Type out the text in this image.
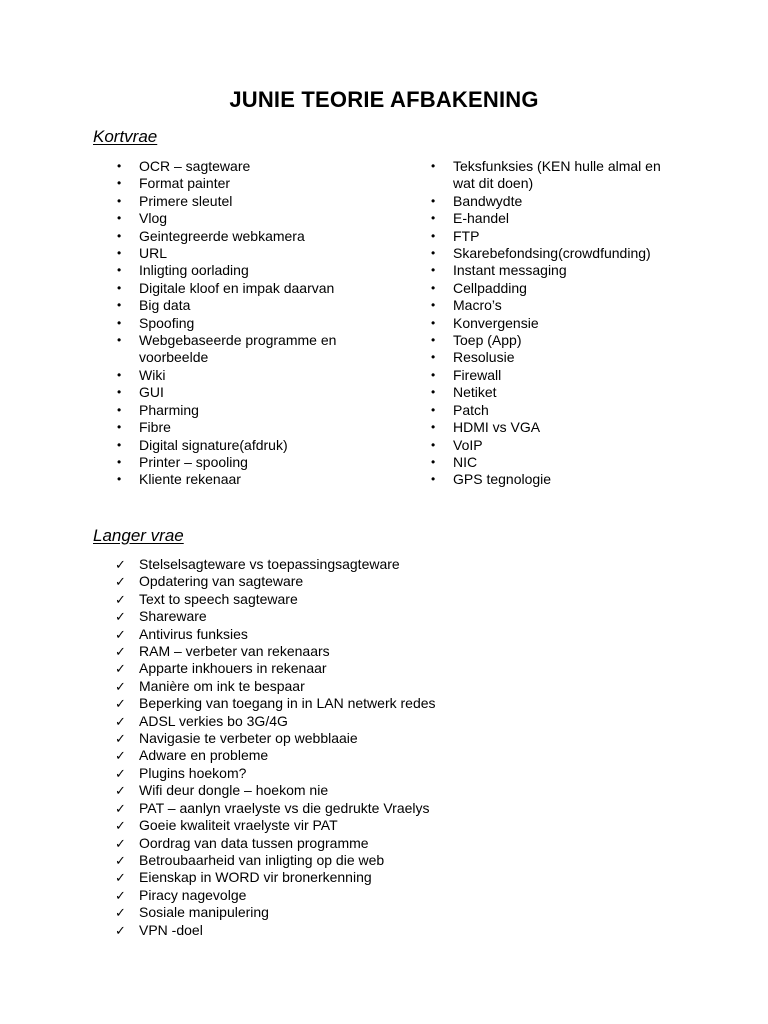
JUNIE TEORIE AFBAKENING
Kortvrae
• OCR – sagteware
• Format painter
• Primere sleutel
• Vlog
• Geintegreerde webkamera
• URL
• Inligting oorlading
• Digitale kloof en impak daarvan
• Big data
• Spoofing
• Webgebaseerde programme en voorbeelde
• Wiki
• GUI
• Pharming
• Fibre
• Digital signature(afdruk)
• Printer – spooling
• Kliente rekenaar
• Teksfunksies (KEN hulle almal en wat dit doen)
• Bandwydte
• E-handel
• FTP
• Skarebefondsing(crowdfunding)
• Instant messaging
• Cellpadding
• Macro’s
• Konvergensie
• Toep (App)
• Resolusie
• Firewall
• Netiket
• Patch
• HDMI vs VGA
• VoIP
• NIC
• GPS tegnologie
Langer vrae
✓ Stelselsagteware vs toepassingsagteware
✓ Opdatering van sagteware
✓ Text to speech sagteware
✓ Shareware
✓ Antivirus funksies
✓ RAM – verbeter van rekenaars
✓ Apparte inkhouers in rekenaar
✓ Manière om ink te bespaar
✓ Beperking van toegang in in LAN netwerk redes
✓ ADSL verkies bo 3G/4G
✓ Navigasie te verbeter op webblaaie
✓ Adware en probleme
✓ Plugins hoekom?
✓ Wifi deur dongle – hoekom nie
✓ PAT – aanlyn vraelyste vs die gedrukte Vraelys
✓ Goeie kwaliteit vraelyste vir PAT
✓ Oordrag van data tussen programme
✓ Betroubaarheid van inligting op die web
✓ Eienskap in WORD vir bronerkenning
✓ Piracy nagevolge
✓ Sosiale manipulering
✓ VPN -doel
